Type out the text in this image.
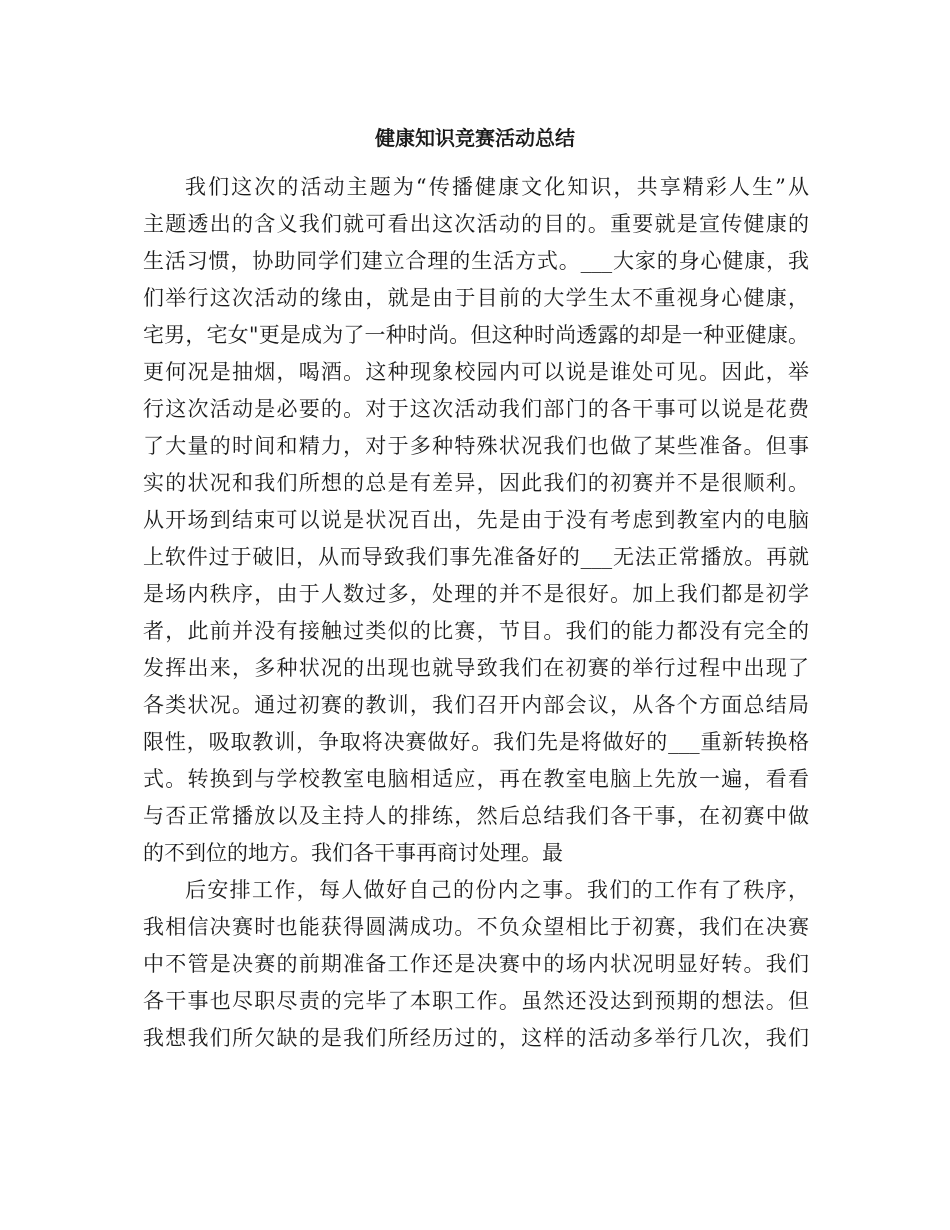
健康知识竞赛活动总结
我们这次的活动主题为“传播健康文化知识，共享精彩人生”从
主题透出的含义我们就可看出这次活动的目的。重要就是宣传健康的
生活习惯，协助同学们建立合理的生活方式。___大家的身心健康，我
们举行这次活动的缘由，就是由于目前的大学生太不重视身心健康，
宅男，宅女"更是成为了一种时尚。但这种时尚透露的却是一种亚健康。
更何况是抽烟，喝酒。这种现象校园内可以说是谁处可见。因此，举
行这次活动是必要的。对于这次活动我们部门的各干事可以说是花费
了大量的时间和精力，对于多种特殊状况我们也做了某些准备。但事
实的状况和我们所想的总是有差异，因此我们的初赛并不是很顺利。
从开场到结束可以说是状况百出，先是由于没有考虑到教室内的电脑
上软件过于破旧，从而导致我们事先准备好的___无法正常播放。再就
是场内秩序，由于人数过多，处理的并不是很好。加上我们都是初学
者，此前并没有接触过类似的比赛，节目。我们的能力都没有完全的
发挥出来，多种状况的出现也就导致我们在初赛的举行过程中出现了
各类状况。通过初赛的教训，我们召开内部会议，从各个方面总结局
限性，吸取教训，争取将决赛做好。我们先是将做好的___重新转换格
式。转换到与学校教室电脑相适应，再在教室电脑上先放一遍，看看
与否正常播放以及主持人的排练，然后总结我们各干事，在初赛中做
的不到位的地方。我们各干事再商讨处理。最
后安排工作，每人做好自己的份内之事。我们的工作有了秩序，
我相信决赛时也能获得圆满成功。不负众望相比于初赛，我们在决赛
中不管是决赛的前期准备工作还是决赛中的场内状况明显好转。我们
各干事也尽职尽责的完毕了本职工作。虽然还没达到预期的想法。但
我想我们所欠缺的是我们所经历过的，这样的活动多举行几次，我们
